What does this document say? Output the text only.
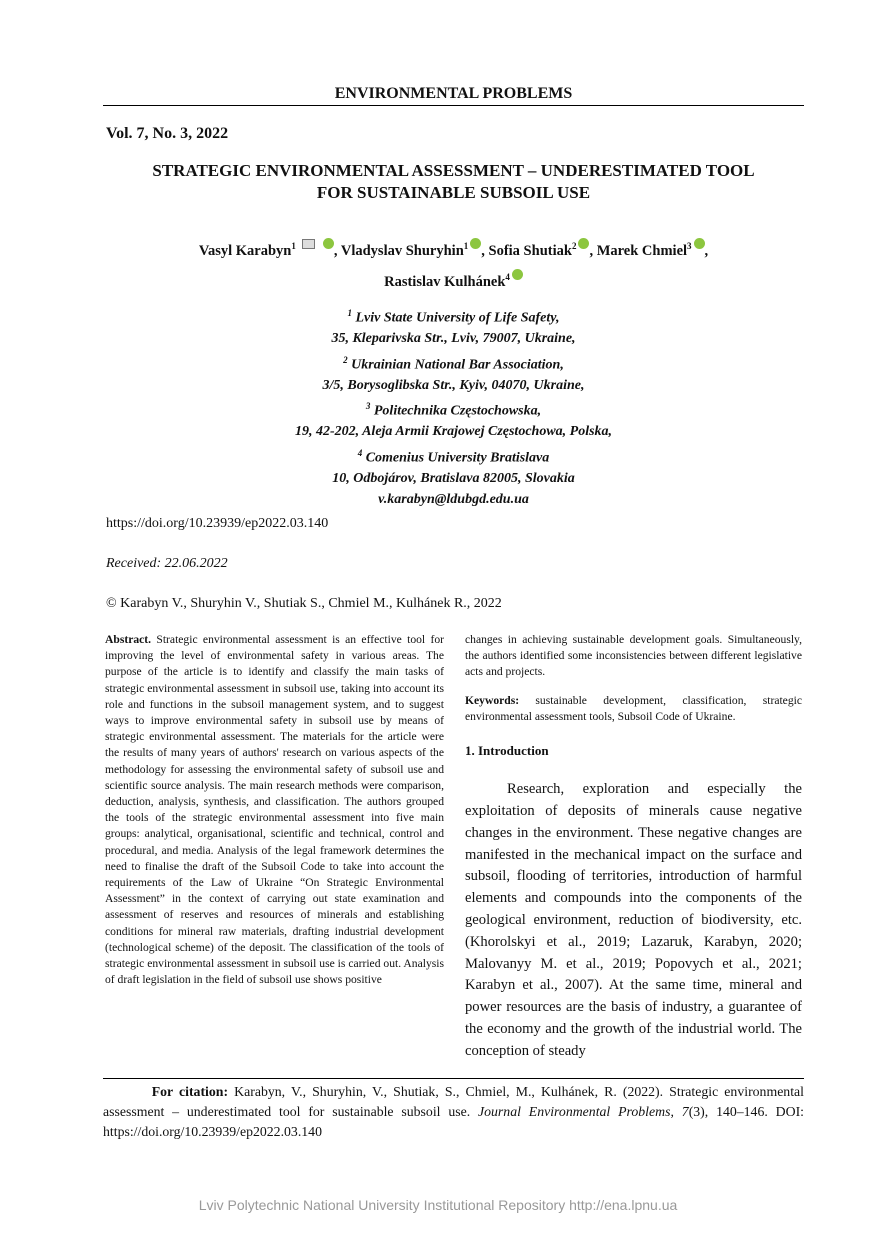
ENVIRONMENTAL PROBLEMS
Vol. 7, No. 3, 2022
STRATEGIC ENVIRONMENTAL ASSESSMENT – UNDERESTIMATED TOOL
FOR SUSTAINABLE SUBSOIL USE
Vasyl Karabyn$^1$	, Vladyslav Shuryhin$^1$ , Sofia Shutiak$^2$ , Marek Chmiel$^3$ ,
Rastislav Kulhánek$^4$
$^1$ Lviv State University of Life Safety,
35, Kleparivska Str., Lviv, 79007, Ukraine,
$^2$ Ukrainian National Bar Association,
3/5, Borysoglibska Str., Kyiv, 04070, Ukraine,
$^3$ Politechnika Częstochowska,
19, 42-202, Aleja Armii Krajowej Częstochowa, Polska,
$^4$ Comenius University Bratislava
10, Odbojárov, Bratislava 82005, Slovakia
v.karabyn@ldubgd.edu.ua
https://doi.org/10.23939/ep2022.03.140
Received: 22.06.2022
© Karabyn V., Shuryhin V., Shutiak S., Chmiel M., Kulhánek R., 2022
Abstract. Strategic environmental assessment is an effective tool for improving the level of environmental safety in various areas. The purpose of the article is to identify and classify the main tasks of strategic environmental assessment in subsoil use, taking into account its role and functions in the subsoil management system, and to suggest ways to improve environmental safety in subsoil use by means of strategic environmental assessment. The materials for the article were the results of many years of authors' research on various aspects of the methodology for assessing the environmental safety of subsoil use and scientific source analysis. The main research methods were comparison, deduction, analysis, synthesis, and classification. The authors grouped the tools of the strategic environmental assessment into five main groups: analytical, organisational, scientific and technical, control and procedural, and media. Analysis of the legal framework determines the need to finalise the draft of the Subsoil Code to take into account the requirements of the Law of Ukraine “On Strategic Environmental Assessment” in the context of carrying out state examination and assessment of reserves and resources of minerals and establishing conditions for mineral raw materials, drafting industrial development (technological scheme) of the deposit. The classification of the tools of strategic environmental assessment in subsoil use is carried out. Analysis of draft legislation in the field of subsoil use shows positive

changes in achieving sustainable development goals. Simultaneously, the authors identified some inconsistencies between different legislative acts and projects.

Keywords: sustainable development, classification, strategic environmental assessment tools, Subsoil Code of Ukraine.

1. Introduction
Research, exploration and especially the exploitation of deposits of minerals cause negative changes in the environment. These negative changes are manifested in the mechanical impact on the surface and subsoil, flooding of territories, introduction of harmful elements and compounds into the components of the geological environment, reduction of biodiversity, etc. (Khorolskyi et al., 2019; Lazaruk, Karabyn, 2020; Malovanyy M. et al., 2019; Popovych et al., 2021; Karabyn et al., 2007). At the same time, mineral and power resources are the basis of industry, a guarantee of the economy and the growth of the industrial world. The conception of steady
For citation: Karabyn, V., Shuryhin, V., Shutiak, S., Chmiel, M., Kulhánek, R. (2022). Strategic environmental assessment – underestimated tool for sustainable subsoil use. Journal Environmental Problems, 7(3), 140–146. DOI: https://doi.org/10.23939/ep2022.03.140
Lviv Polytechnic National University Institutional Repository http://ena.lpnu.ua
